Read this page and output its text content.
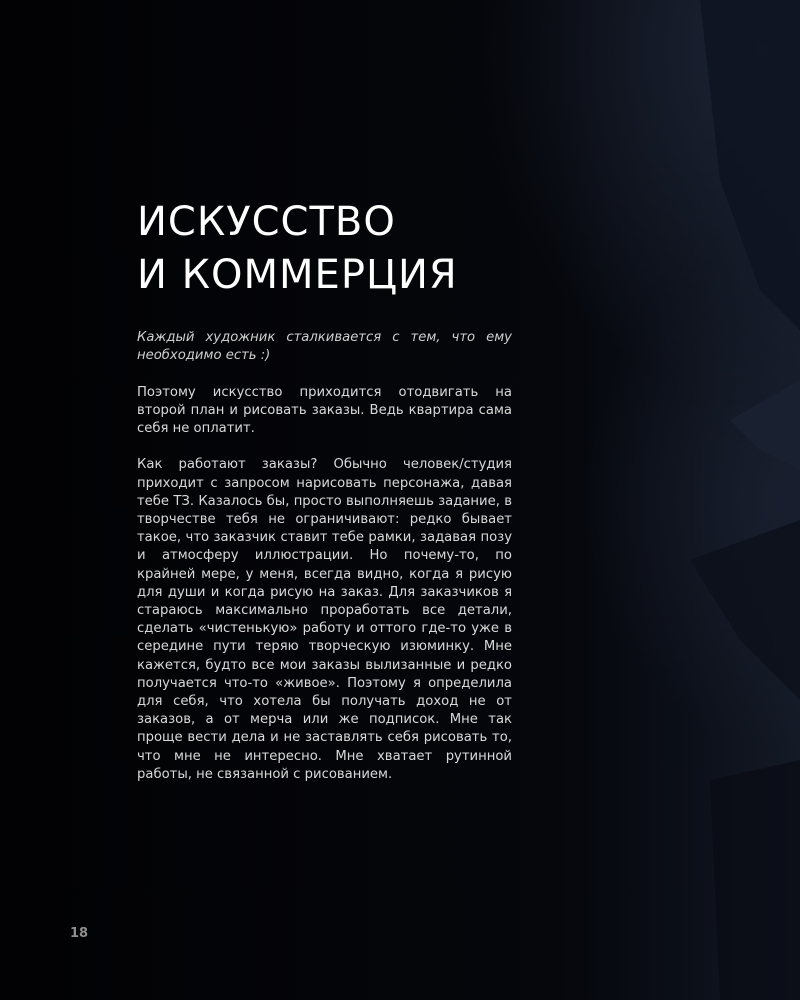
ИСКУССТВО
И КОММЕРЦИЯ

Каждый художник сталкивается с тем, что ему необходимо есть :)

Поэтому искусство приходится отодвигать на второй план и рисовать заказы. Ведь квартира сама себя не оплатит.

Как работают заказы? Обычно человек/студия приходит с запросом нарисовать персонажа, давая тебе ТЗ. Казалось бы, просто выполняешь задание, в творчестве тебя не ограничивают: редко бывает такое, что заказчик ставит тебе рамки, задавая позу и атмосферу иллюстрации. Но почему-то, по крайней мере, у меня, всегда видно, когда я рисую для души и когда рисую на заказ. Для заказчиков я стараюсь максимально проработать все детали, сделать «чистенькую» работу и оттого где-то уже в середине пути теряю творческую изюминку. Мне кажется, будто все мои заказы вылизанные и редко получается что-то «живое». Поэтому я определила для себя, что хотела бы получать доход не от заказов, а от мерча или же подписок. Мне так проще вести дела и не заставлять себя рисовать то, что мне не интересно. Мне хватает рутинной работы, не связанной с рисованием.

18
